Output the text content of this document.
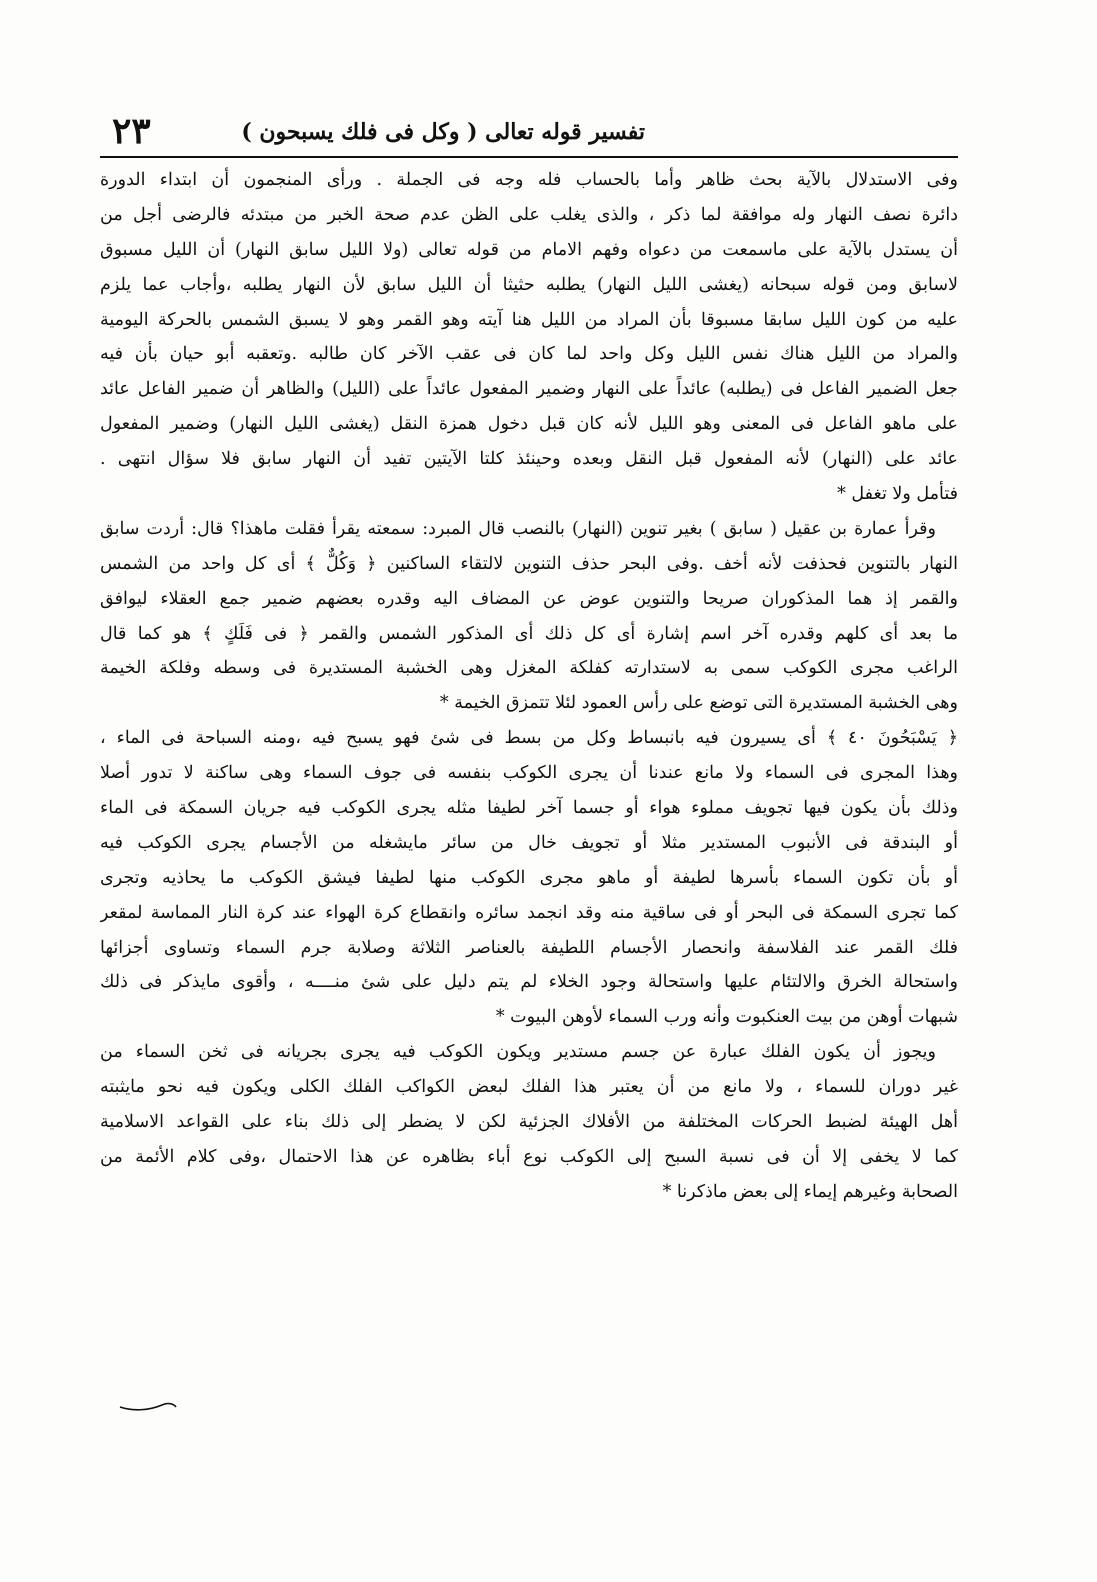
٢٣	تفسير قوله تعالى ( وكل فى فلك يسبحون )
وفى الاستدلال بالآية بحث ظاهر وأما بالحساب فله وجه فى الجملة . ورأى المنجمون أن ابتداء الدورة
دائرة نصف النهار وله موافقة لما ذكر ، والذى يغلب على الظن عدم صحة الخبر من مبتدئه فالرضى أجل من
أن يستدل بالآية على ماسمعت من دعواه وفهم الامام من قوله تعالى (ولا الليل سابق النهار) أن الليل مسبوق
لاسابق ومن قوله سبحانه (يغشى الليل النهار) يطلبه حثيثا أن الليل سابق لأن النهار يطلبه ،وأجاب عما يلزم
عليه من كون الليل سابقا مسبوقا بأن المراد من الليل هنا آيته وهو القمر وهو لا يسبق الشمس بالحركة اليومية
والمراد من الليل هناك نفس الليل وكل واحد لما كان فى عقب الآخر كان طالبه .وتعقبه أبو حيان بأن فيه
جعل الضمير الفاعل فى (يطلبه) عائداً على النهار وضمير المفعول عائداً على (الليل) والظاهر أن ضمير الفاعل عائد
على ماهو الفاعل فى المعنى وهو الليل لأنه كان قبل دخول همزة النقل (يغشى الليل النهار) وضمير المفعول
عائد على (النهار) لأنه المفعول قبل النقل وبعده وحينئذ كلتا الآيتين تفيد أن النهار سابق فلا سؤال انتهى .
فتأمل ولا تغفل *
وقرأ عمارة بن عقيل ( سابق ) بغير تنوين (النهار) بالنصب قال المبرد: سمعته يقرأ فقلت ماهذا؟ قال: أردت سابق
النهار بالتنوين فحذفت لأنه أخف .وفى البحر حذف التنوين لالتقاء الساكنين ﴿ وَكُلٌّ ﴾ أى كل واحد من الشمس
والقمر إذ هما المذكوران صريحا والتنوين عوض عن المضاف اليه وقدره بعضهم ضمير جمع العقلاء ليوافق
ما بعد أى كلهم وقدره آخر اسم إشارة أى كل ذلك أى المذكور الشمس والقمر ﴿ فى فَلَكٍ ﴾ هو كما قال
الراغب مجرى الكوكب سمى به لاستدارته كفلكة المغزل وهى الخشبة المستديرة فى وسطه وفلكة الخيمة
وهى الخشبة المستديرة التى توضع على رأس العمود لئلا تتمزق الخيمة *
﴿ يَسْبَحُونَ ٤٠ ﴾ أى يسيرون فيه بانبساط وكل من بسط فى شئ فهو يسبح فيه ،ومنه السباحة فى الماء ،
وهذا المجرى فى السماء ولا مانع عندنا أن يجرى الكوكب بنفسه فى جوف السماء وهى ساكنة لا تدور أصلا
وذلك بأن يكون فيها تجويف مملوء هواء أو جسما آخر لطيفا مثله يجرى الكوكب فيه جريان السمكة فى الماء
أو البندقة فى الأنبوب المستدير مثلا أو تجويف خال من سائر مايشغله من الأجسام يجرى الكوكب فيه
أو بأن تكون السماء بأسرها لطيفة أو ماهو مجرى الكوكب منها لطيفا فيشق الكوكب ما يحاذيه وتجرى
كما تجرى السمكة فى البحر أو فى ساقية منه وقد انجمد سائره وانقطاع كرة الهواء عند كرة النار المماسة لمقعر
فلك القمر عند الفلاسفة وانحصار الأجسام اللطيفة بالعناصر الثلاثة وصلابة جرم السماء وتساوى أجزائها
واستحالة الخرق والالتئام عليها واستحالة وجود الخلاء لم يتم دليل على شئ منــــه ، وأقوى مايذكر فى ذلك
شبهات أوهن من بيت العنكبوت وأنه ورب السماء لأوهن البيوت *
ويجوز أن يكون الفلك عبارة عن جسم مستدير ويكون الكوكب فيه يجرى بجريانه فى ثخن السماء من
غير دوران للسماء ، ولا مانع من أن يعتبر هذا الفلك لبعض الكواكب الفلك الكلى ويكون فيه نحو مايثبته
أهل الهيئة لضبط الحركات المختلفة من الأفلاك الجزئية لكن لا يضطر إلى ذلك بناء على القواعد الاسلامية
كما لا يخفى إلا أن فى نسبة السبح إلى الكوكب نوع أباء بظاهره عن هذا الاحتمال ،وفى كلام الأئمة من
الصحابة وغيرهم إيماء إلى بعض ماذكرنا *
